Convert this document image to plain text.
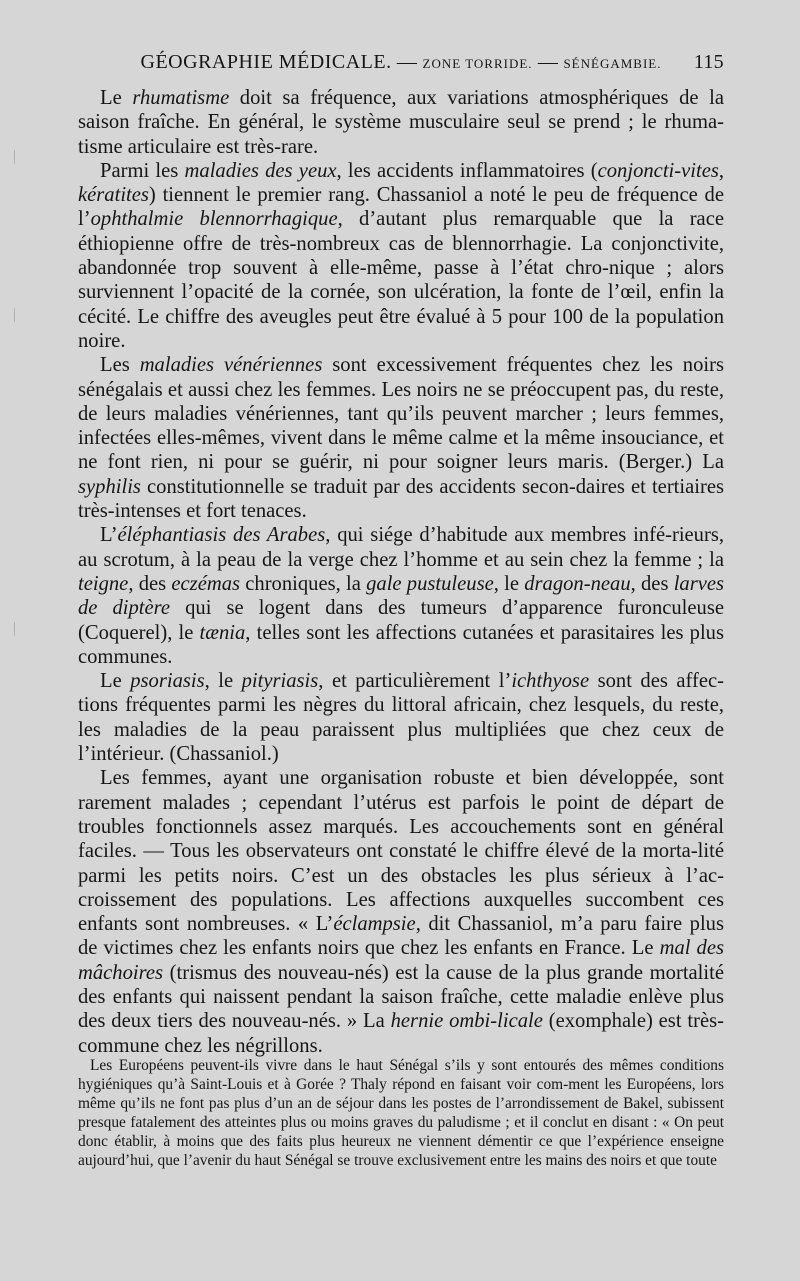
GÉOGRAPHIE MÉDICALE. — ZONE TORRIDE. — SÉNÉGAMBIE. 115

Le rhumatisme doit sa fréquence, aux variations atmosphériques de la saison fraîche. En général, le système musculaire seul se prend ; le rhuma-tisme articulaire est très-rare.

Parmi les maladies des yeux, les accidents inflammatoires (conjoncti-vites, kératites) tiennent le premier rang. Chassaniol a noté le peu de fréquence de l’ophthalmie blennorrhagique, d’autant plus remarquable que la race éthiopienne offre de très-nombreux cas de blennorrhagie. La conjonctivite, abandonnée trop souvent à elle-même, passe à l’état chro-nique ; alors surviennent l’opacité de la cornée, son ulcération, la fonte de l’œil, enfin la cécité. Le chiffre des aveugles peut être évalué à 5 pour 100 de la population noire.

Les maladies vénériennes sont excessivement fréquentes chez les noirs sénégalais et aussi chez les femmes. Les noirs ne se préoccupent pas, du reste, de leurs maladies vénériennes, tant qu’ils peuvent marcher ; leurs femmes, infectées elles-mêmes, vivent dans le même calme et la même insouciance, et ne font rien, ni pour se guérir, ni pour soigner leurs maris. (Berger.) La syphilis constitutionnelle se traduit par des accidents secon-daires et tertiaires très-intenses et fort tenaces.

L’éléphantiasis des Arabes, qui siége d’habitude aux membres infé-rieurs, au scrotum, à la peau de la verge chez l’homme et au sein chez la femme ; la teigne, des eczémas chroniques, la gale pustuleuse, le dragon-neau, des larves de diptère qui se logent dans des tumeurs d’apparence furonculeuse (Coquerel), le tænia, telles sont les affections cutanées et parasitaires les plus communes.

Le psoriasis, le pityriasis, et particulièrement l’ichthyose sont des affec-tions fréquentes parmi les nègres du littoral africain, chez lesquels, du reste, les maladies de la peau paraissent plus multipliées que chez ceux de l’intérieur. (Chassaniol.)

Les femmes, ayant une organisation robuste et bien développée, sont rarement malades ; cependant l’utérus est parfois le point de départ de troubles fonctionnels assez marqués. Les accouchements sont en général faciles. — Tous les observateurs ont constaté le chiffre élevé de la morta-lité parmi les petits noirs. C’est un des obstacles les plus sérieux à l’ac-croissement des populations. Les affections auxquelles succombent ces enfants sont nombreuses. « L’éclampsie, dit Chassaniol, m’a paru faire plus de victimes chez les enfants noirs que chez les enfants en France. Le mal des mâchoires (trismus des nouveau-nés) est la cause de la plus grande mortalité des enfants qui naissent pendant la saison fraîche, cette maladie enlève plus des deux tiers des nouveau-nés. » La hernie ombi-licale (exomphale) est très-commune chez les négrillons.

Les Européens peuvent-ils vivre dans le haut Sénégal s’ils y sont entourés des mêmes conditions hygiéniques qu’à Saint-Louis et à Gorée ? Thaly répond en faisant voir com-ment les Européens, lors même qu’ils ne font pas plus d’un an de séjour dans les postes de l’arrondissement de Bakel, subissent presque fatalement des atteintes plus ou moins graves du paludisme ; et il conclut en disant : « On peut donc établir, à moins que des faits plus heureux ne viennent démentir ce que l’expérience enseigne aujourd’hui, que l’avenir du haut Sénégal se trouve exclusivement entre les mains des noirs et que toute
